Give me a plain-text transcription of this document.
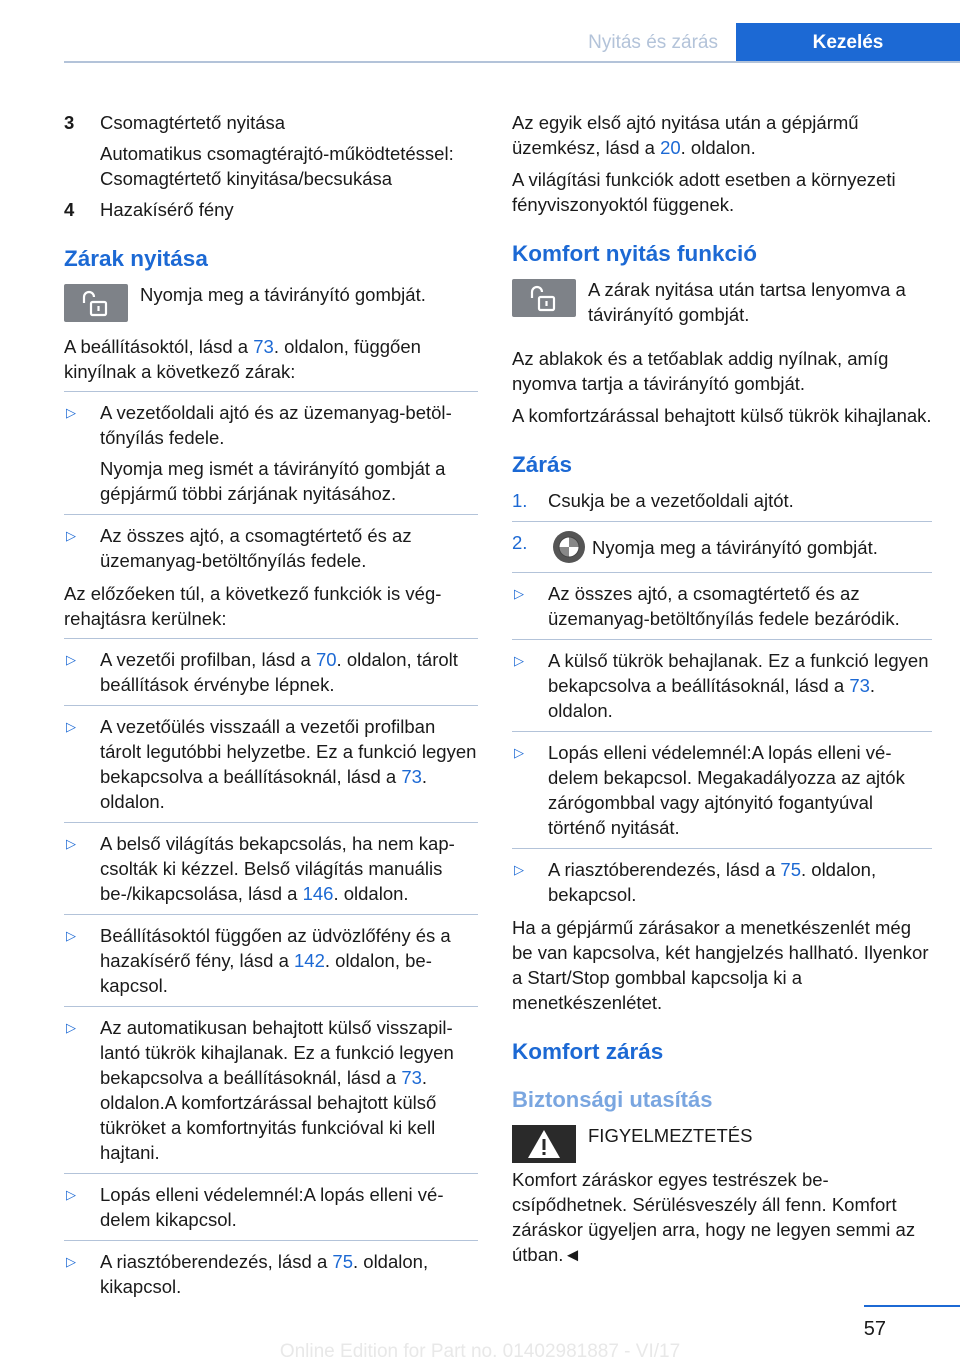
Nyitás és zárás	Kezelés
3 Csomagtértető nyitása

Automatikus csomagtérajtó-működtetéssel: Csomagtértető kinyitása/becsukása

4 Hazakísérő fény

Zárak nyitása

Nyomja meg a távirányító gombját.

A beállításoktól, lásd a 73. oldalon, függően kinyílnak a következő zárak:

▷ A vezetőoldali ajtó és az üzemanyag-betöltőnyílás fedele.

Nyomja meg ismét a távirányító gombját a gépjármű többi zárjának nyitásához.

▷ Az összes ajtó, a csomagtértető és az üzemanyag-betöltőnyílás fedele.

Az előzőeken túl, a következő funkciók is végrehajtásra kerülnek:

▷ A vezetői profilban, lásd a 70. oldalon, tárolt beállítások érvénybe lépnek.

▷ A vezetőülés visszaáll a vezetői profilban tárolt legutóbbi helyzetbe. Ez a funkció legyen bekapcsolva a beállításoknál, lásd a 73. oldalon.

▷ A belső világítás bekapcsolás, ha nem kapcsolták ki kézzel. Belső világítás manuális be-/kikapcsolása, lásd a 146. oldalon.

▷ Beállításoktól függően az üdvözlőfény és a hazakísérő fény, lásd a 142. oldalon, bekapcsol.

▷ Az automatikusan behajtott külső visszapillantó tükrök kihajlanak. Ez a funkció legyen bekapcsolva a beállításoknál, lásd a 73. oldalon.A komfortzárással behajtott külső tükröket a komfortnyitás funkcióval ki kell hajtani.

▷ Lopás elleni védelemnél:A lopás elleni védelem kikapcsol.

▷ A riasztóberendezés, lásd a 75. oldalon, kikapcsol.

Az egyik első ajtó nyitása után a gépjármű üzemkész, lásd a 20. oldalon.

A világítási funkciók adott esetben a környezeti fényviszonyoktól függenek.

Komfort nyitás funkció

A zárak nyitása után tartsa lenyomva a távirányító gombját.

Az ablakok és a tetőablak addig nyílnak, amíg nyomva tartja a távirányító gombját.

A komfortzárással behajtott külső tükrök kihajlanak.

Zárás
1. Csukja be a vezetőoldali ajtót.

2.	Nyomja meg a távirányító gombját.

▷ Az összes ajtó, a csomagtértető és az üzemanyag-betöltőnyílás fedele bezáródik.

▷ A külső tükrök behajlanak. Ez a funkció legyen bekapcsolva a beállításoknál, lásd a 73. oldalon.

▷ Lopás elleni védelemnél:A lopás elleni védelem bekapcsol. Megakadályozza az ajtók zárógombbal vagy ajtónyitó fogantyúval történő nyitását.

▷ A riasztóberendezés, lásd a 75. oldalon, bekapcsol.

Ha a gépjármű zárásakor a menetkészenlét még be van kapcsolva, két hangjelzés hallható. Ilyenkor a Start/Stop gombbal kapcsolja ki a menetkészenlétet.

Komfort zárás
Biztonsági utasítás

FIGYELMEZTETÉS

Komfort záráskor egyes testrészek becsípődhetnek. Sérülésveszély áll fenn. Komfort záráskor ügyeljen arra, hogy ne legyen semmi az útban.◄

57
Online Edition for Part no. 01402981887 - VI/17
